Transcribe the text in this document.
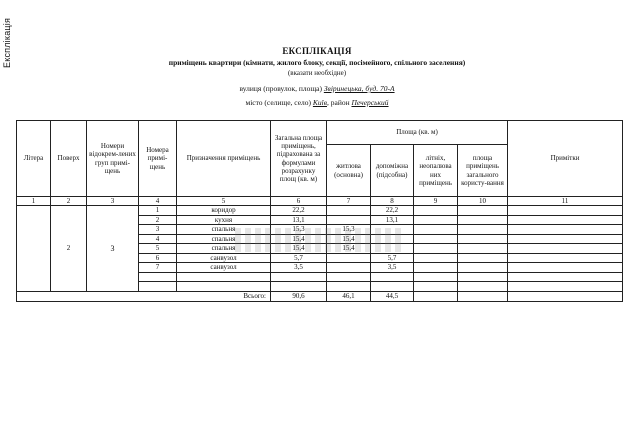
Експлікація	ЕКСПЛІКАЦІЯ
приміщень квартири (кімнати, жилого блоку, секції, посімейного, спільного заселення)
(вказати необхідне)
вулиця (провулок, площа) Звіринецька, буд. 70-А
місто (селище, село) Київ, район Печерський
Літера	Поверх	Номери відокрем-лених груп примі-щень	Номера примі-щень	Призначення приміщень	Загальна площа приміщень, підрахована за формулами розрахунку площ (кв. м)	Площа (кв. м)				Примітки
						житлова (основна)	допоміжна (підсобна)	літніх, неопалюва них приміщень	площа приміщень загального користу-вання	
1	2	3	4	5	6	7	8	9	10	11
	2	3	1	коридор	22,2		22,2			
			2	кухня	13,1		13,1			
			3	спальня	15,3	15,3				
			4	спальня	15,4	15,4				
			5	спальня	15,4	15,4				
			6	санвузол	5,7		5,7			
			7	санвузол	3,5		3,5			

Всього:					90,6	46,1	44,5			
